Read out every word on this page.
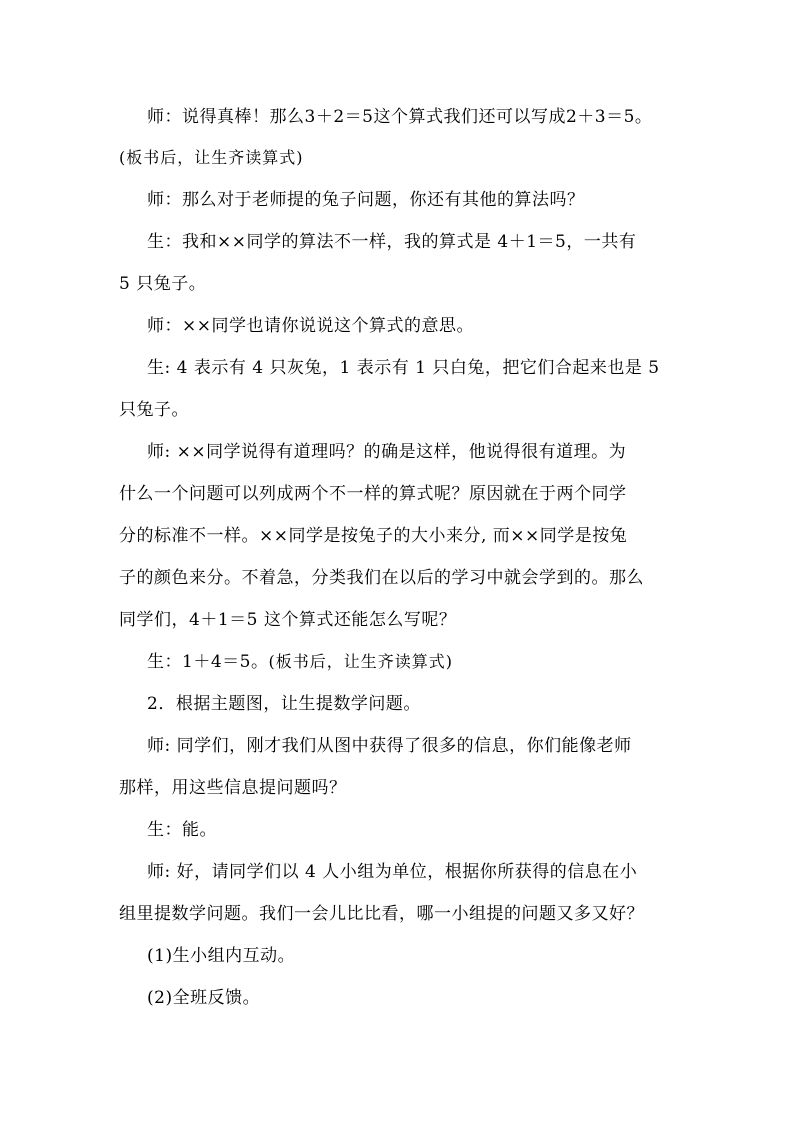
师：说得真棒！那么3＋2＝5这个算式我们还可以写成2＋3＝5。
(板书后，让生齐读算式)
师：那么对于老师提的兔子问题，你还有其他的算法吗？
生：我和××同学的算法不一样，我的算式是 4＋1＝5，一共有
5 只兔子。
师：××同学也请你说说这个算式的意思。
生: 4 表示有 4 只灰兔，1 表示有 1 只白兔，把它们合起来也是 5
只兔子。
师: ××同学说得有道理吗？的确是这样，他说得很有道理。为
什么一个问题可以列成两个不一样的算式呢？原因就在于两个同学
分的标准不一样。××同学是按兔子的大小来分, 而××同学是按兔
子的颜色来分。不着急，分类我们在以后的学习中就会学到的。那么
同学们，4＋1＝5 这个算式还能怎么写呢？
生：1＋4＝5。(板书后，让生齐读算式)
2．根据主题图，让生提数学问题。
师: 同学们，刚才我们从图中获得了很多的信息，你们能像老师
那样，用这些信息提问题吗？
生：能。
师: 好，请同学们以 4 人小组为单位，根据你所获得的信息在小
组里提数学问题。我们一会儿比比看，哪一小组提的问题又多又好？
(1)生小组内互动。
(2)全班反馈。
